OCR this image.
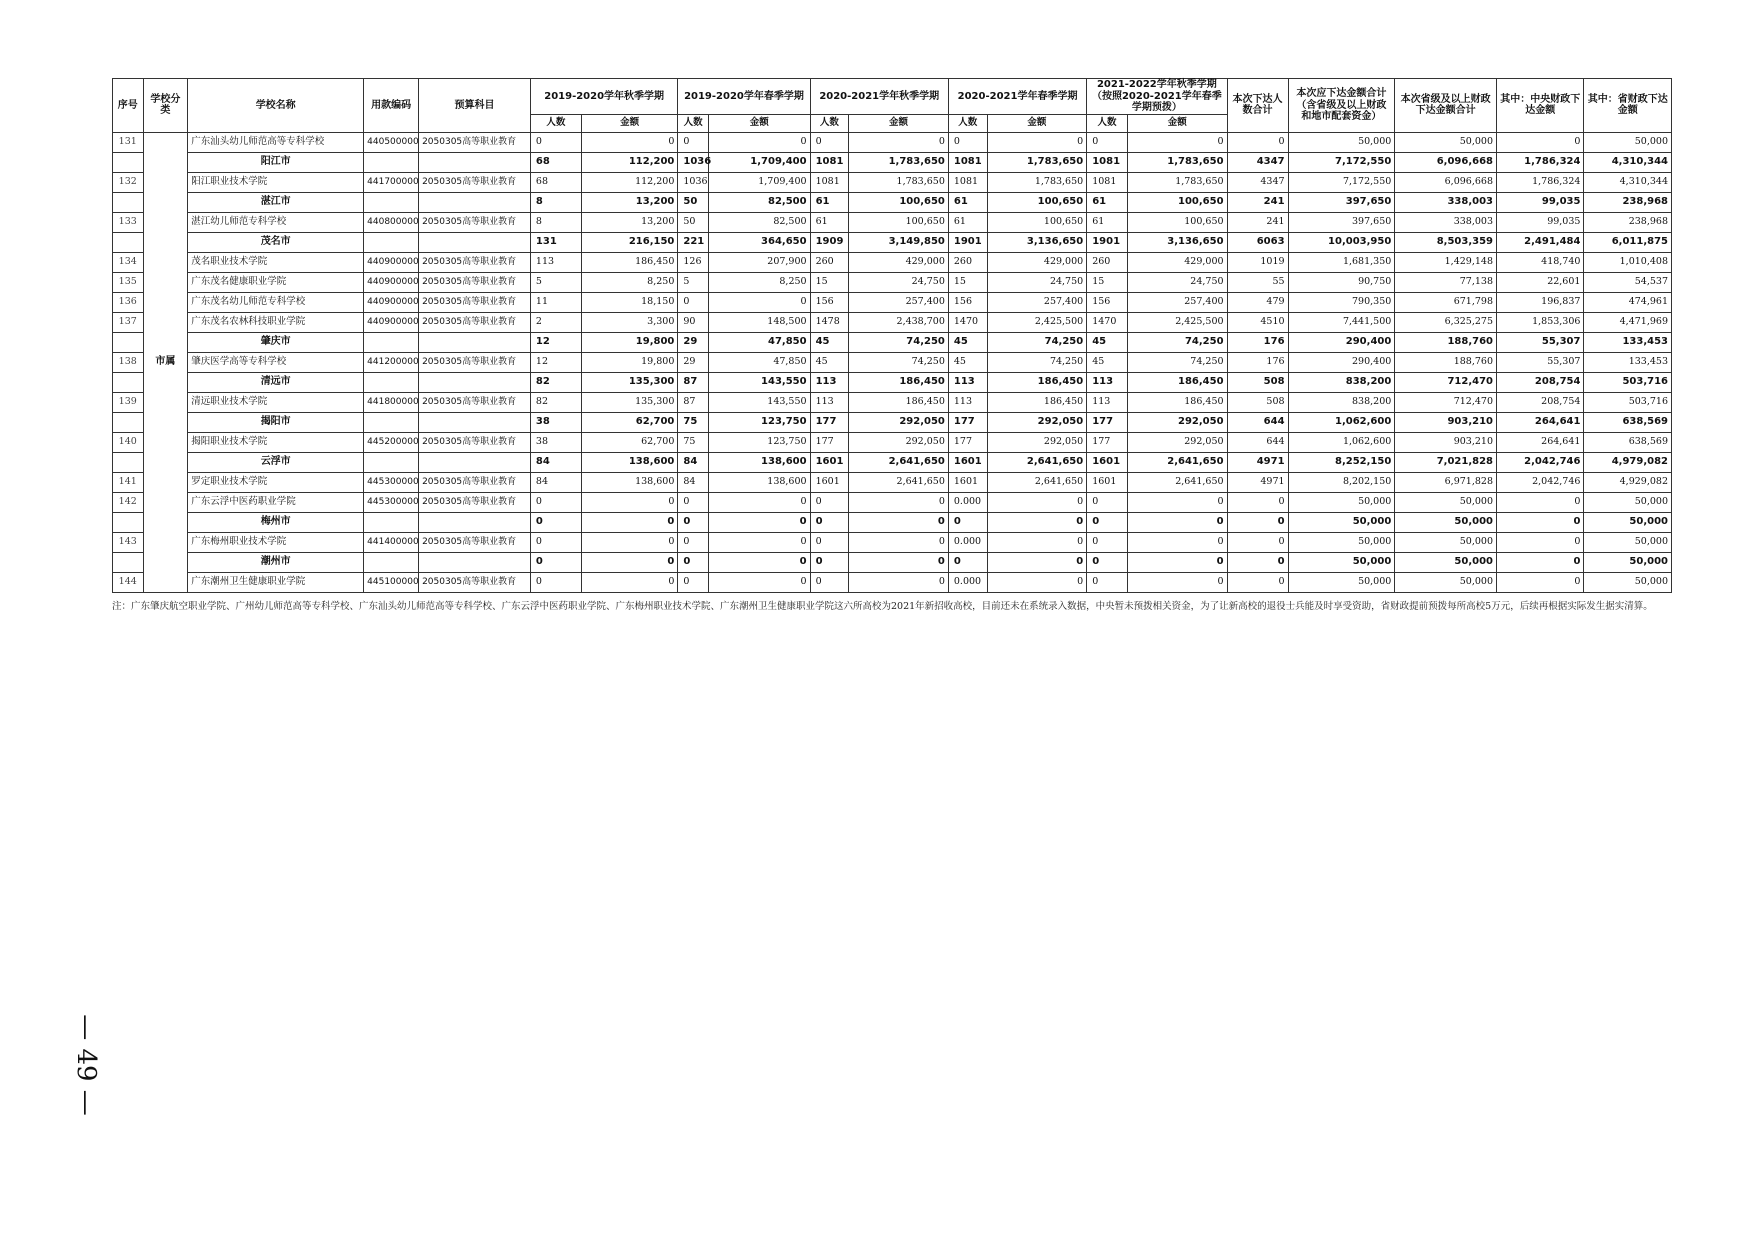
序号	学校分类	学校名称	用款编码	预算科目	2019-2020学年秋季学期		2019-2020学年春季学期		2020-2021学年秋季学期		2020-2021学年春季学期		2021-2022学年秋季学期（按照2020-2021学年春季学期预拨）		本次下达人数合计	本次应下达金额合计（含省级及以上财政和地市配套资金）	本次省级及以上财政下达金额合计	其中：中央财政下达金额	其中：省财政下达金额
					人数	金额	人数	金额	人数	金额	人数	金额	人数	金额					
131	市属	广东汕头幼儿师范高等专科学校	440500000	2050305高等职业教育	0	0	0	0	0	0	0	0	0	0	0	50,000	50,000	0	50,000
		阳江市			68	112,200	1036	1,709,400	1081	1,783,650	1081	1,783,650	1081	1,783,650	4347	7,172,550	6,096,668	1,786,324	4,310,344
132		阳江职业技术学院	441700000	2050305高等职业教育	68	112,200	1036	1,709,400	1081	1,783,650	1081	1,783,650	1081	1,783,650	4347	7,172,550	6,096,668	1,786,324	4,310,344
		湛江市			8	13,200	50	82,500	61	100,650	61	100,650	61	100,650	241	397,650	338,003	99,035	238,968
133		湛江幼儿师范专科学校	440800000	2050305高等职业教育	8	13,200	50	82,500	61	100,650	61	100,650	61	100,650	241	397,650	338,003	99,035	238,968
		茂名市			131	216,150	221	364,650	1909	3,149,850	1901	3,136,650	1901	3,136,650	6063	10,003,950	8,503,359	2,491,484	6,011,875
134		茂名职业技术学院	440900000	2050305高等职业教育	113	186,450	126	207,900	260	429,000	260	429,000	260	429,000	1019	1,681,350	1,429,148	418,740	1,010,408
135		广东茂名健康职业学院	440900000	2050305高等职业教育	5	8,250	5	8,250	15	24,750	15	24,750	15	24,750	55	90,750	77,138	22,601	54,537
136		广东茂名幼儿师范专科学校	440900000	2050305高等职业教育	11	18,150	0	0	156	257,400	156	257,400	156	257,400	479	790,350	671,798	196,837	474,961
137		广东茂名农林科技职业学院	440900000	2050305高等职业教育	2	3,300	90	148,500	1478	2,438,700	1470	2,425,500	1470	2,425,500	4510	7,441,500	6,325,275	1,853,306	4,471,969
		肇庆市			12	19,800	29	47,850	45	74,250	45	74,250	45	74,250	176	290,400	188,760	55,307	133,453
138		肇庆医学高等专科学校	441200000	2050305高等职业教育	12	19,800	29	47,850	45	74,250	45	74,250	45	74,250	176	290,400	188,760	55,307	133,453
		清远市			82	135,300	87	143,550	113	186,450	113	186,450	113	186,450	508	838,200	712,470	208,754	503,716
139		清远职业技术学院	441800000	2050305高等职业教育	82	135,300	87	143,550	113	186,450	113	186,450	113	186,450	508	838,200	712,470	208,754	503,716
		揭阳市			38	62,700	75	123,750	177	292,050	177	292,050	177	292,050	644	1,062,600	903,210	264,641	638,569
140		揭阳职业技术学院	445200000	2050305高等职业教育	38	62,700	75	123,750	177	292,050	177	292,050	177	292,050	644	1,062,600	903,210	264,641	638,569
		云浮市			84	138,600	84	138,600	1601	2,641,650	1601	2,641,650	1601	2,641,650	4971	8,252,150	7,021,828	2,042,746	4,979,082
141		罗定职业技术学院	445300000	2050305高等职业教育	84	138,600	84	138,600	1601	2,641,650	1601	2,641,650	1601	2,641,650	4971	8,202,150	6,971,828	2,042,746	4,929,082
142		广东云浮中医药职业学院	445300000	2050305高等职业教育	0	0	0	0	0	0	0.000	0	0	0	0	50,000	50,000	0	50,000
		梅州市			0	0	0	0	0	0	0	0	0	0	0	50,000	50,000	0	50,000
143		广东梅州职业技术学院	441400000	2050305高等职业教育	0	0	0	0	0	0	0.000	0	0	0	0	50,000	50,000	0	50,000
		潮州市			0	0	0	0	0	0	0	0	0	0	0	50,000	50,000	0	50,000
144		广东潮州卫生健康职业学院	445100000	2050305高等职业教育	0	0	0	0	0	0	0.000	0	0	0	0	50,000	50,000	0	50,000
注：广东肇庆航空职业学院、广州幼儿师范高等专科学校、广东汕头幼儿师范高等专科学校、广东云浮中医药职业学院、广东梅州职业技术学院、广东潮州卫生健康职业学院这六所高校为2021年新招收高校，目前还未在系统录入数据，中央暂未预拨相关资金，为了让新高校的退役士兵能及时享受资助，省财政提前预拨每所高校5万元，后续再根据实际发生据实清算。
— 49 —
